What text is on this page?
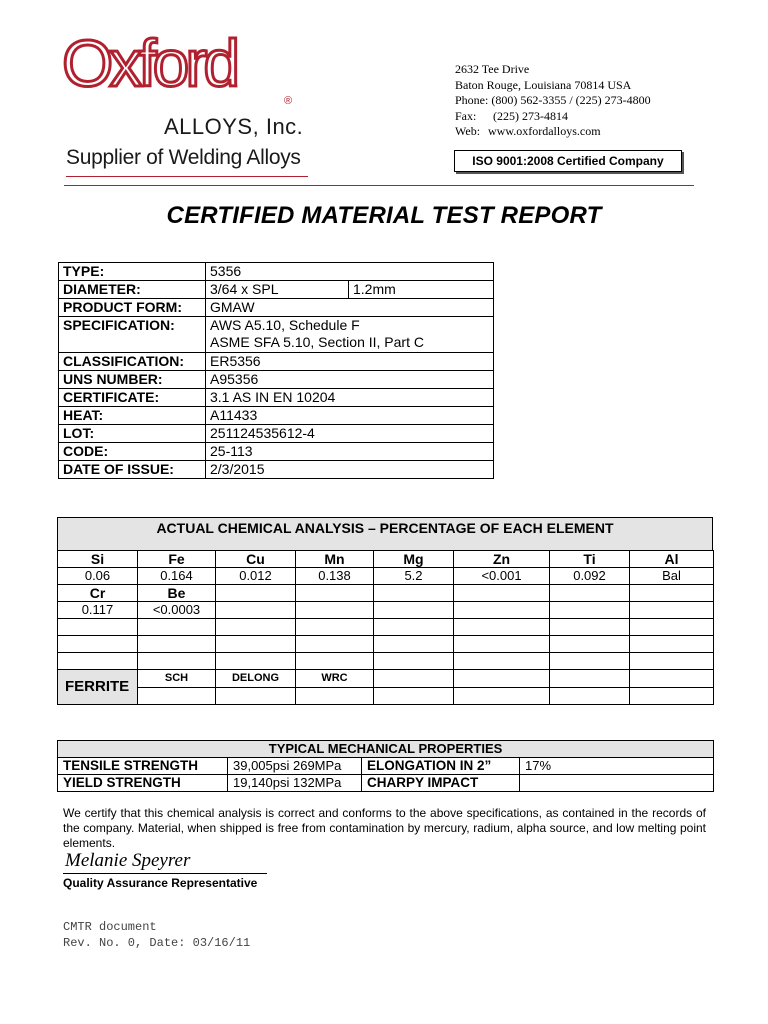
Oxford
®
ALLOYS, Inc.
Supplier of Welding Alloys
2632 Tee Drive
Baton Rouge, Louisiana 70814 USA
Phone: (800) 562-3355 / (225) 273-4800
Fax: (225) 273-4814
Web: www.oxfordalloys.com
ISO 9001:2008 Certified Company
CERTIFIED MATERIAL TEST REPORT
TYPE:	5356	
DIAMETER:	3/64 x SPL	1.2mm
PRODUCT FORM:	GMAW	
SPECIFICATION:	AWS A5.10, Schedule F
ASME SFA 5.10, Section II, Part C	

CLASSIFICATION:	ER5356	
UNS NUMBER:	A95356	
CERTIFICATE:	3.1 AS IN EN 10204	
HEAT:	A11433	
LOT:	251124535612-4	
CODE:	25-113	
DATE OF ISSUE:	2/3/2015	
ACTUAL CHEMICAL ANALYSIS – PERCENTAGE OF EACH ELEMENT
Si	Fe	Cu	Mn	Mg	Zn	Ti	Al
0.06	0.164	0.012	0.138	5.2	<0.001	0.092	Bal
Cr	Be						
0.117	<0.0003						

FERRITE	SCH	DELONG	WRC				

TYPICAL MECHANICAL PROPERTIES			
TENSILE STRENGTH	39,005psi 269MPa	ELONGATION IN 2”	17%
YIELD STRENGTH	19,140psi 132MPa	CHARPY IMPACT	
We certify that this chemical analysis is correct and conforms to the above specifications, as contained in the records of the company. Material, when shipped is free from contamination by mercury, radium, alpha source, and low melting point elements.
Melanie Speyrer
Quality Assurance Representative
CMTR document
Rev. No. 0, Date: 03/16/11
